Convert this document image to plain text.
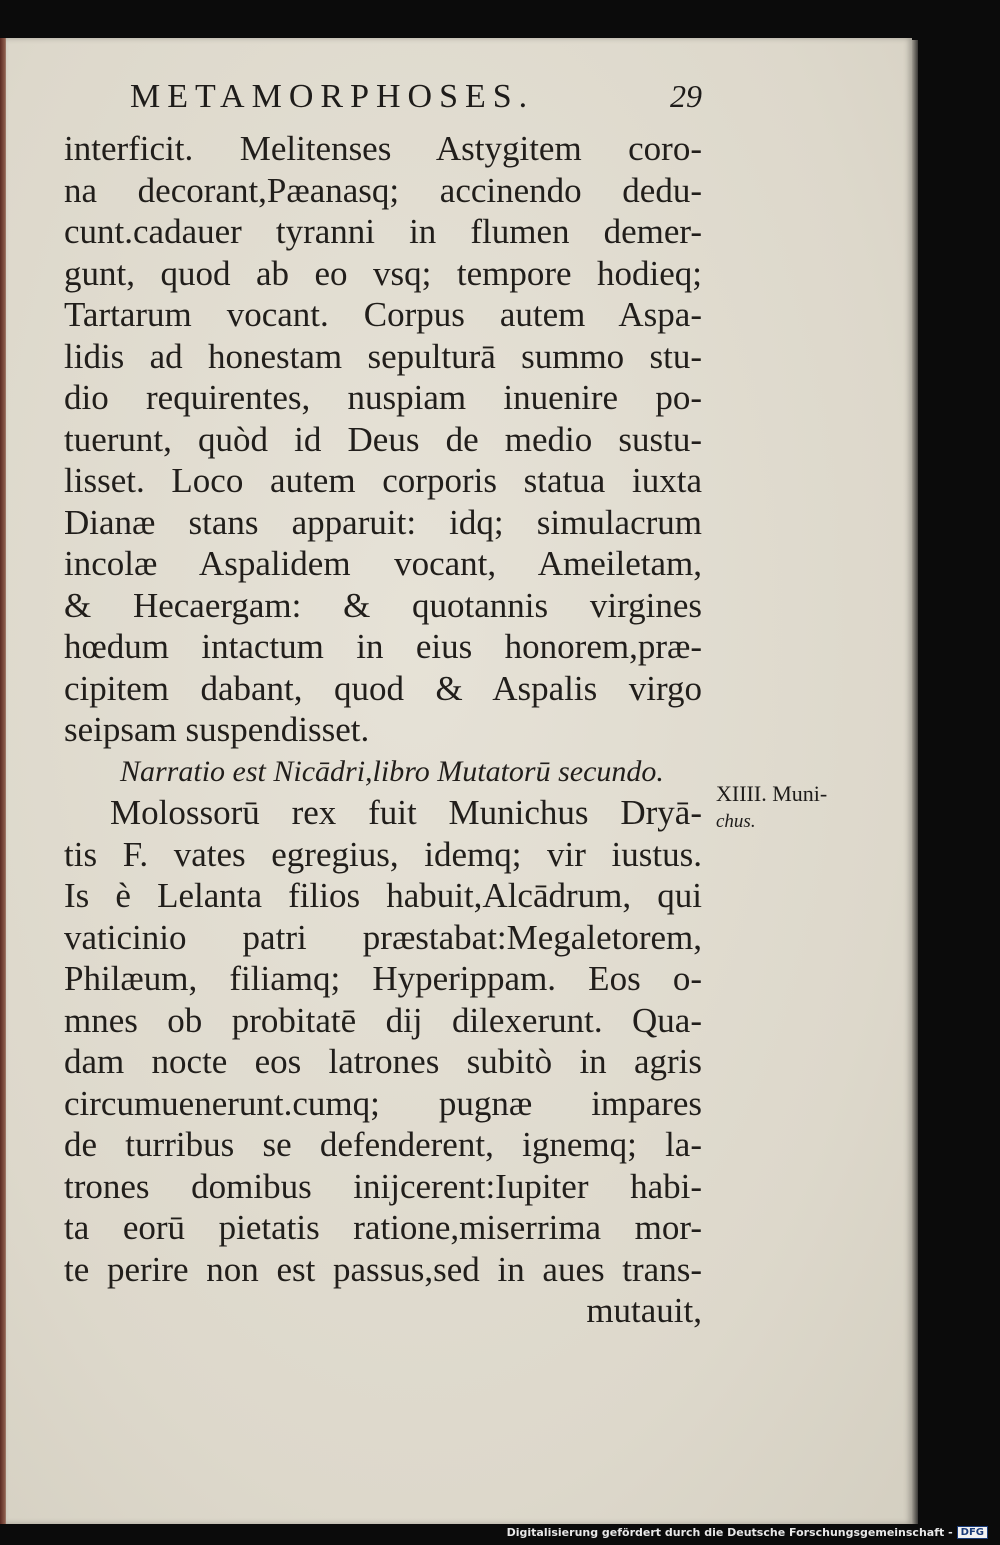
METAMORPHOSES.	29
interficit. Melitenses Astygitem coro-
na decorant,Pæanasq; accinendo dedu-
cunt.cadauer tyranni in flumen demer-
gunt, quod ab eo vsq; tempore hodieq;
Tartarum vocant. Corpus autem Aspa-
lidis ad honestam sepulturā summo stu-
dio requirentes, nuspiam inuenire po-
tuerunt, quòd id Deus de medio sustu-
lisset. Loco autem corporis statua iuxta
Dianæ stans apparuit: idq; simulacrum
incolæ Aspalidem vocant, Ameiletam,
& Hecaergam: & quotannis virgines
hœdum intactum in eius honorem,præ-
cipitem dabant, quod & Aspalis virgo
seipsam suspendisset.
Narratio est Nicādri,libro Mutatorū secundo.
Molossorū rex fuit Munichus Dryā-
tis F. vates egregius, idemq; vir iustus.
Is è Lelanta filios habuit,Alcādrum, qui
vaticinio patri præstabat:Megaletorem,
Philæum, filiamq; Hyperippam. Eos o-
mnes ob probitatē dij dilexerunt. Qua-
dam nocte eos latrones subitò in agris
circumuenerunt.cumq; pugnæ impares
de turribus se defenderent, ignemq; la-
trones domibus inijcerent:Iupiter habi-
ta eorū pietatis ratione,miserrima mor-
te perire non est passus,sed in aues trans-
mutauit,
XIIII. Muni-
chus.
Digitalisierung gefördert durch die Deutsche Forschungsgemeinschaft - DFG
